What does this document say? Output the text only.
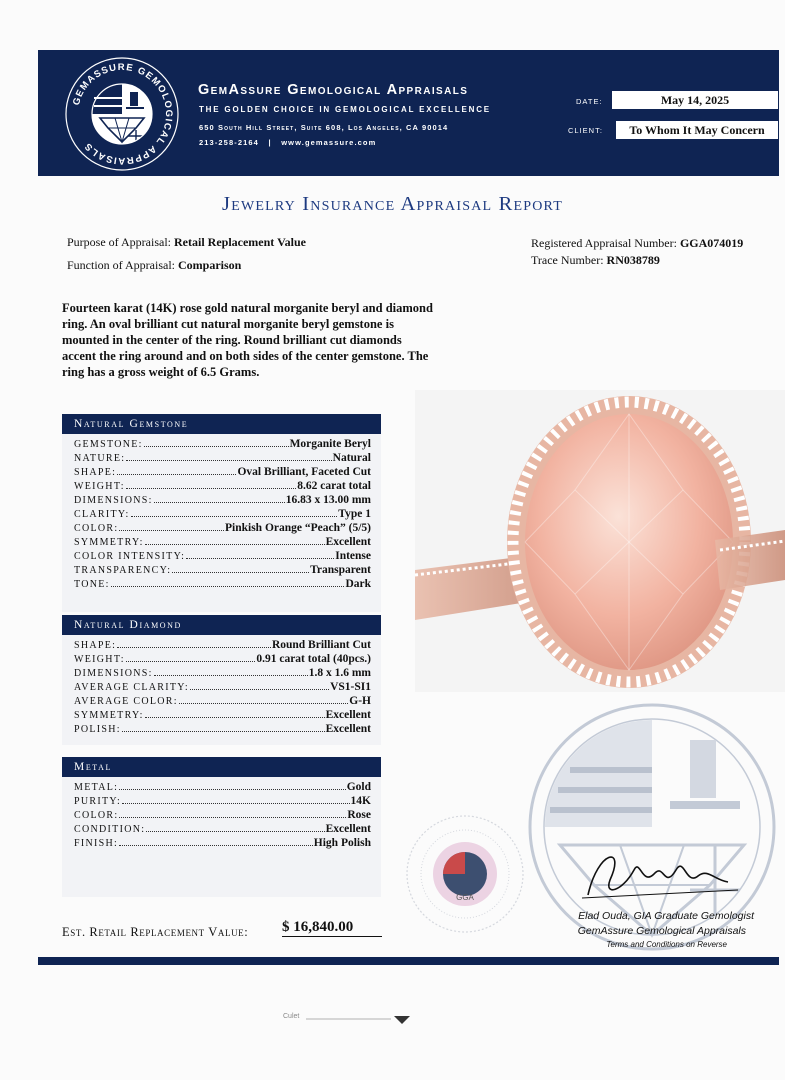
GEMASSURE GEMOLOGICAL APPRAISALS
GemAssure Gemological Appraisals
THE GOLDEN CHOICE IN GEMOLOGICAL EXCELLENCE
650 South Hill Street, Suite 608, Los Angeles, CA 90014
213-258-2164   |   www.gemassure.com
DATE:	May 14, 2025
CLIENT:	To Whom It May Concern
Jewelry Insurance Appraisal Report
Purpose of Appraisal: Retail Replacement Value
Function of Appraisal: Comparison
Registered Appraisal Number: GGA074019
Trace Number: RN038789
Fourteen karat (14K) rose gold natural morganite beryl and diamond ring. An oval brilliant cut natural morganite beryl gemstone is mounted in the center of the ring. Round brilliant cut diamonds accent the ring around and on both sides of the center gemstone. The ring has a gross weight of 6.5 Grams.
Natural Gemstone
GEMSTONE:	Morganite Beryl
NATURE:	Natural
SHAPE:	Oval Brilliant, Faceted Cut
WEIGHT:	8.62 carat total
DIMENSIONS:	16.83 x 13.00 mm
CLARITY:	Type 1
COLOR:	Pinkish Orange “Peach” (5/5)
SYMMETRY:	Excellent
COLOR INTENSITY:	Intense
TRANSPARENCY:	Transparent
TONE:	Dark
Natural Diamond
SHAPE:	Round Brilliant Cut
WEIGHT:	0.91 carat total (40pcs.)
DIMENSIONS:	1.8 x 1.6 mm
AVERAGE CLARITY:	VS1-SI1
AVERAGE COLOR:	G-H
SYMMETRY:	Excellent
POLISH:	Excellent
Metal
METAL:	Gold
PURITY:	14K
COLOR:	Rose
CONDITION:	Excellent
FINISH:	High Polish
GGA
Elad Ouda, GIA Graduate Gemologist
GemAssure Gemological Appraisals
Terms and Conditions on Reverse
Est. Retail Replacement Value: $ 16,840.00
Culet
